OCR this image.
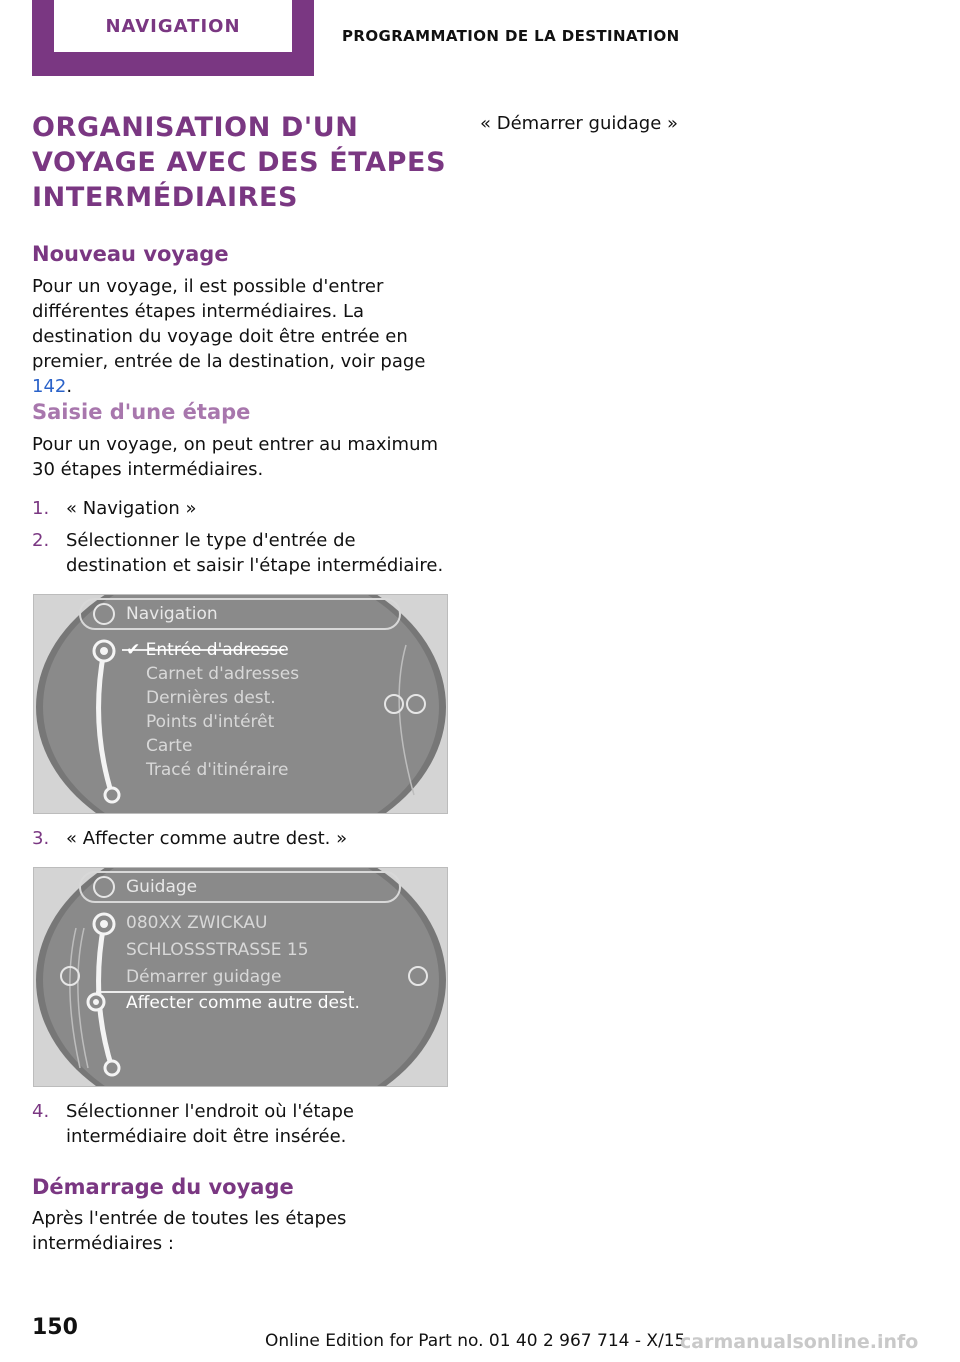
NAVIGATION	PROGRAMMATION DE LA DESTINATION
ORGANISATION D'UN VOYAGE AVEC DES ÉTAPES INTERMÉDIAIRES
Nouveau voyage

Pour un voyage, il est possible d'entrer différentes étapes intermédiaires. La destination du voyage doit être entrée en premier, entrée de la destination, voir page 142.

Saisie d'une étape

Pour un voyage, on peut entrer au maximum 30 étapes intermédiaires.

1. « Navigation »
2. Sélectionner le type d'entrée de destination et saisir l'étape intermédiaire.
Navigation
✔ Entrée d'adresse
Carnet d'adresses
Dernières dest.
Points d'intérêt
Carte
Tracé d'itinéraire
3. « Affecter comme autre dest. »
Guidage
080XX ZWICKAU
SCHLOSSSTRASSE 15
Démarrer guidage
Affecter comme autre dest.
4. Sélectionner l'endroit où l'étape intermédiaire doit être insérée.
Démarrage du voyage

Après l'entrée de toutes les étapes intermédiaires :

« Démarrer guidage »
150
Online Edition for Part no. 01 40 2 967 714 - X/15
carmanualsonline.info
